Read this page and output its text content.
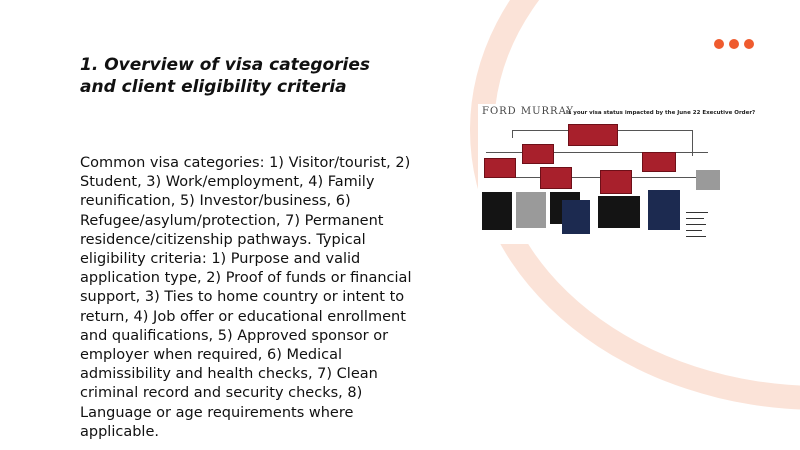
1. Overview of visa categories and client eligibility criteria

Common visa categories: 1) Visitor/tourist, 2) Student, 3) Work/employment, 4) Family reunification, 5) Investor/business, 6) Refugee/asylum/protection, 7) Permanent residence/citizenship pathways. Typical eligibility criteria: 1) Purpose and valid application type, 2) Proof of funds or financial support, 3) Ties to home country or intent to return, 4) Job offer or educational enrollment and qualifications, 5) Approved sponsor or employer when required, 6) Medical admissibility and health checks, 7) Clean criminal record and security checks, 8) Language or age requirements where applicable.

FORD MURRAY
Is your visa status impacted by the June 22 Executive Order?
